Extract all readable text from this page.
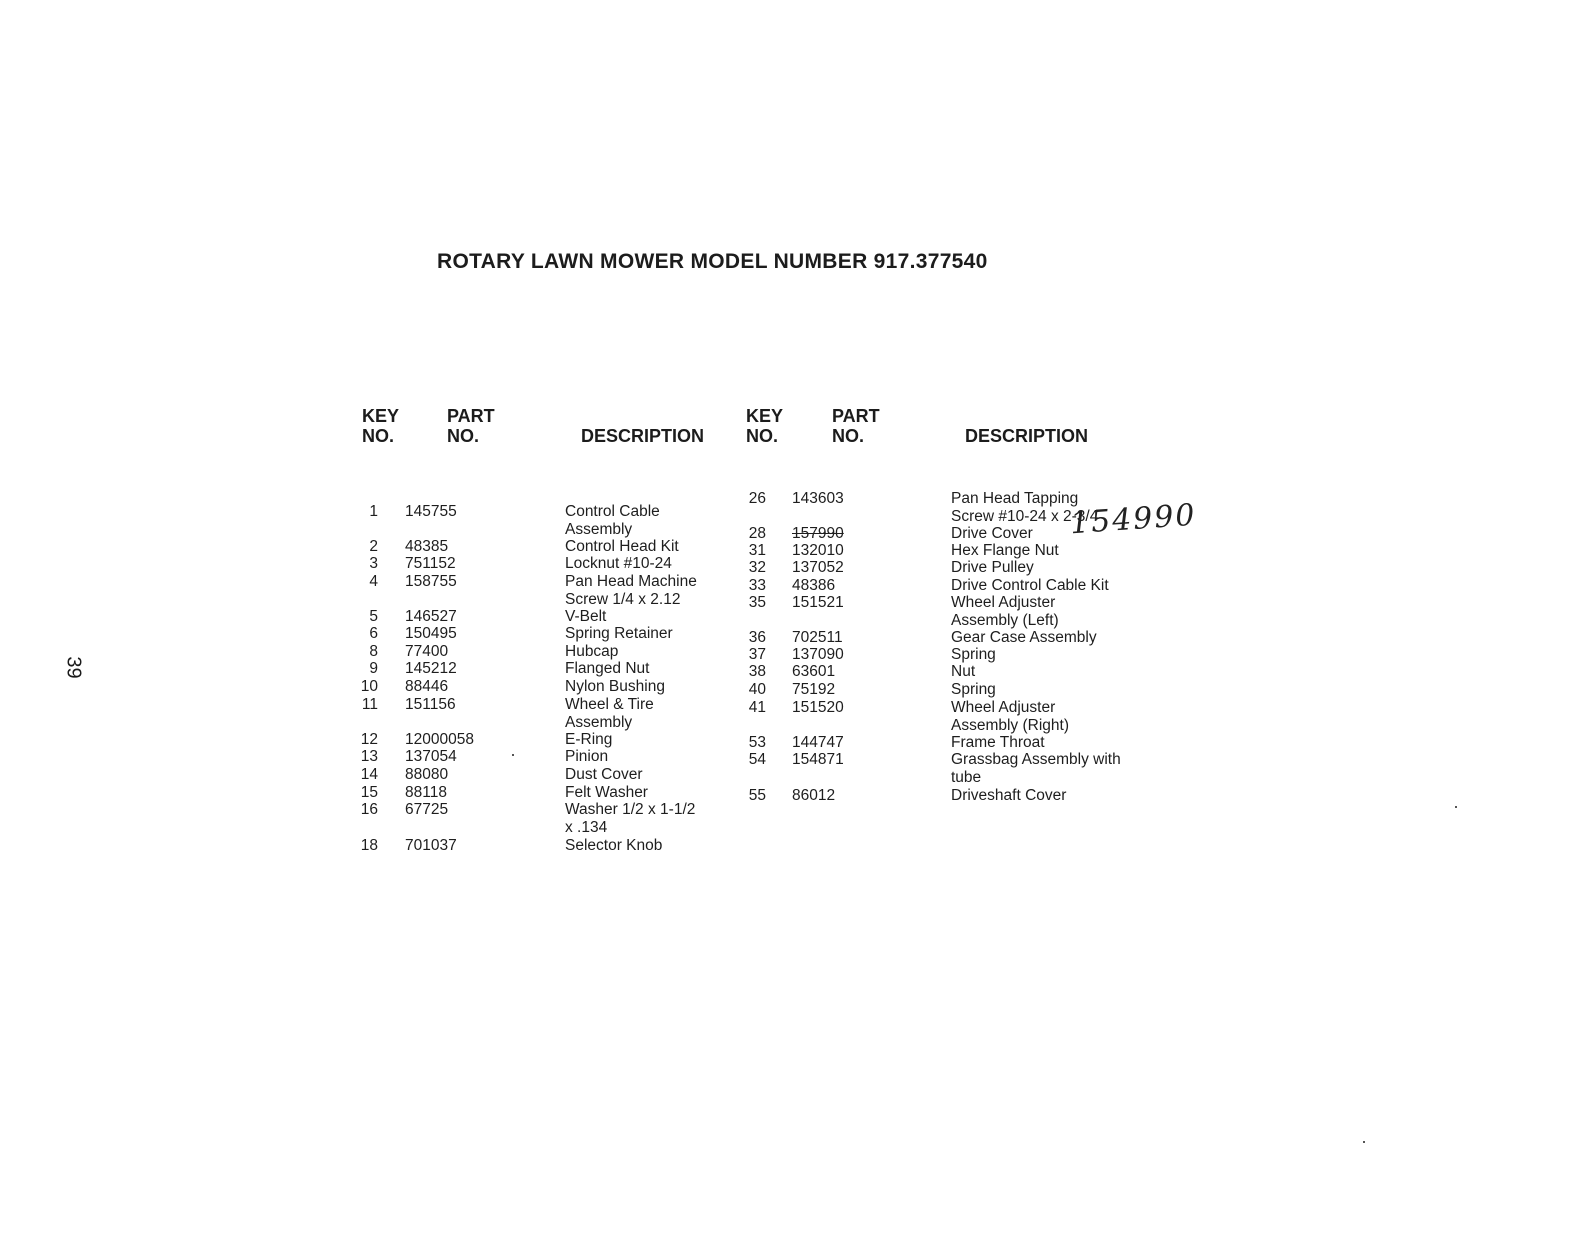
ROTARY LAWN MOWER MODEL NUMBER 917.377540
39
KEY
NO.
PART
NO.	DESCRIPTION
KEY
NO.
PART
NO.	DESCRIPTION
1 145755	Control Cable
Assembly
2 48385	Control Head Kit
3 751152	Locknut #10-24
4 158755	Pan Head Machine
Screw 1/4 x 2.12
5 146527	V-Belt
6 150495	Spring Retainer
8 77400	Hubcap
9 145212	Flanged Nut
10 88446	Nylon Bushing
11 151156	Wheel & Tire
Assembly
12 12000058	E-Ring
13 137054	Pinion
14 88080	Dust Cover
15 88118	Felt Washer
16 67725	Washer 1/2 x 1-1/2
x .134
18 701037	Selector Knob
26 143603	Pan Head Tapping
Screw #10-24 x 2-3/4
28 157990	Drive Cover
31 132010	Hex Flange Nut
32 137052	Drive Pulley
33 48386	Drive Control Cable Kit
35 151521	Wheel Adjuster
Assembly (Left)
36 702511	Gear Case Assembly
37 137090	Spring
38 63601	Nut
40 75192	Spring
41 151520	Wheel Adjuster
Assembly (Right)
53 144747	Frame Throat
54 154871	Grassbag Assembly with
tube
55 86012	Driveshaft Cover
154990
